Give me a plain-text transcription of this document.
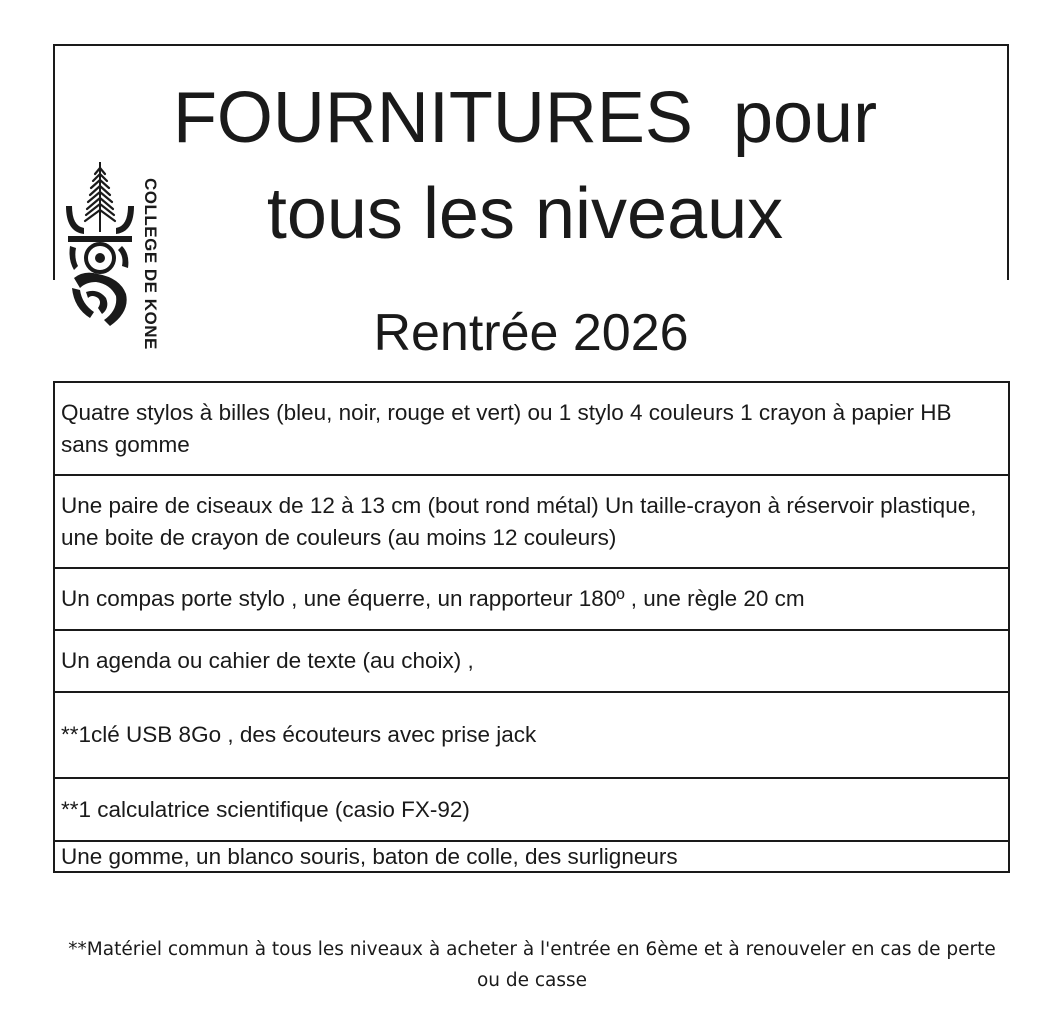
FOURNITURES  pour
tous les niveaux
Rentrée 2026
COLLEGE DE KONE
Quatre stylos à billes (bleu, noir, rouge et vert) ou 1 stylo 4 couleurs 1 crayon à papier HB sans gomme
Une paire de ciseaux de 12 à 13 cm (bout rond métal) Un taille-crayon à réservoir plastique, une boite de crayon de couleurs (au moins 12 couleurs)
Un compas porte stylo , une équerre, un rapporteur 180º , une règle 20 cm
Un agenda ou cahier de texte (au choix) ,
**1clé USB 8Go , des écouteurs avec prise jack
**1 calculatrice scientifique (casio FX-92)
Une gomme, un blanco souris, baton de colle, des surligneurs

**Matériel commun à tous les niveaux à acheter à l'entrée en 6ème et à renouveler en cas de perte ou de casse
